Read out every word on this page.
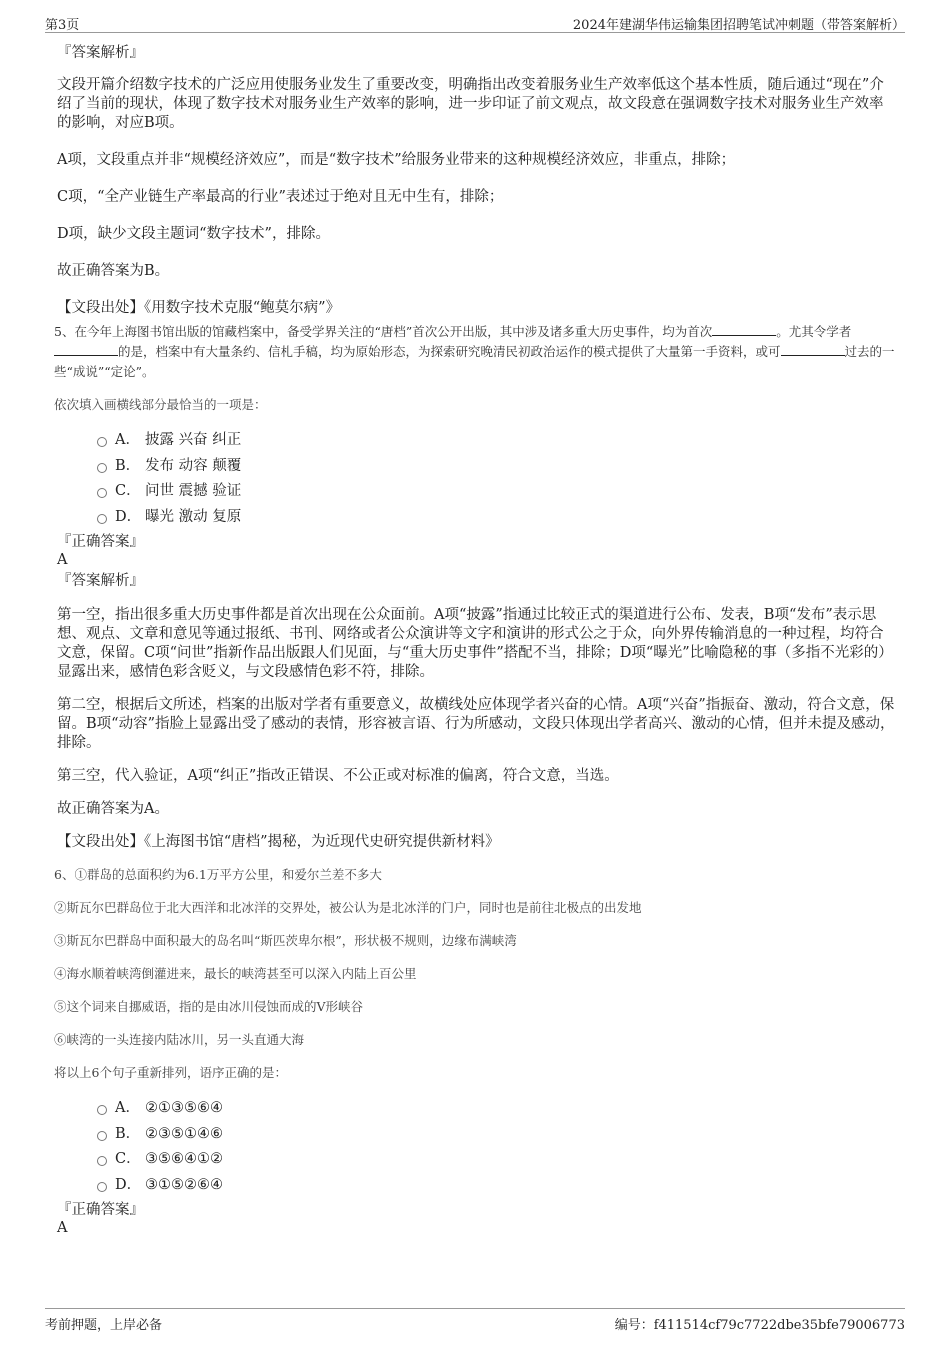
第3页	2024年建湖华伟运输集团招聘笔试冲刺题（带答案解析）
『答案解析』
文段开篇介绍数字技术的广泛应用使服务业发生了重要改变，明确指出改变着服务业生产效率低这个基本性质，随后通过“现在”介绍了当前的现状，体现了数字技术对服务业生产效率的影响，进一步印证了前文观点，故文段意在强调数字技术对服务业生产效率的影响，对应B项。
A项，文段重点并非“规模经济效应”，而是“数字技术”给服务业带来的这种规模经济效应，非重点，排除；
C项，“全产业链生产率最高的行业”表述过于绝对且无中生有，排除；
D项，缺少文段主题词“数字技术”，排除。
故正确答案为B。
【文段出处】《用数字技术克服“鲍莫尔病”》
5、在今年上海图书馆出版的馆藏档案中，备受学界关注的“唐档”首次公开出版，其中涉及诸多重大历史事件，均为首次	。尤其令学者的是，档案中有大量条约、信札手稿，均为原始形态，为探索研究晚清民初政治运作的模式提供了大量第一手资料，或可	过去的一些“成说”“定论”。
依次填入画横线部分最恰当的一项是：
A． 披露 兴奋 纠正
B． 发布 动容 颠覆
C． 问世 震撼 验证
D． 曝光 激动 复原
『正确答案』
A
『答案解析』
第一空，指出很多重大历史事件都是首次出现在公众面前。A项“披露”指通过比较正式的渠道进行公布、发表，B项“发布”表示思想、观点、文章和意见等通过报纸、书刊、网络或者公众演讲等文字和演讲的形式公之于众，向外界传输消息的一种过程，均符合文意，保留。C项“问世”指新作品出版跟人们见面，与“重大历史事件”搭配不当，排除；D项“曝光”比喻隐秘的事（多指不光彩的）显露出来，感情色彩含贬义，与文段感情色彩不符，排除。
第二空，根据后文所述，档案的出版对学者有重要意义，故横线处应体现学者兴奋的心情。A项“兴奋”指振奋、激动，符合文意，保留。B项“动容”指脸上显露出受了感动的表情，形容被言语、行为所感动，文段只体现出学者高兴、激动的心情，但并未提及感动，排除。
第三空，代入验证，A项“纠正”指改正错误、不公正或对标准的偏离，符合文意，当选。
故正确答案为A。
【文段出处】《上海图书馆“唐档”揭秘，为近现代史研究提供新材料》
6、①群岛的总面积约为6.1万平方公里，和爱尔兰差不多大
②斯瓦尔巴群岛位于北大西洋和北冰洋的交界处，被公认为是北冰洋的门户，同时也是前往北极点的出发地
③斯瓦尔巴群岛中面积最大的岛名叫“斯匹茨卑尔根”，形状极不规则，边缘布满峡湾
④海水顺着峡湾倒灌进来，最长的峡湾甚至可以深入内陆上百公里
⑤这个词来自挪威语，指的是由冰川侵蚀而成的V形峡谷
⑥峡湾的一头连接内陆冰川，另一头直通大海
将以上6个句子重新排列，语序正确的是：
A． ②①③⑤⑥④
B． ②③⑤①④⑥
C． ③⑤⑥④①②
D． ③①⑤②⑥④
『正确答案』
A
考前押题，上岸必备	编号：f411514cf79c7722dbe35bfe79006773
